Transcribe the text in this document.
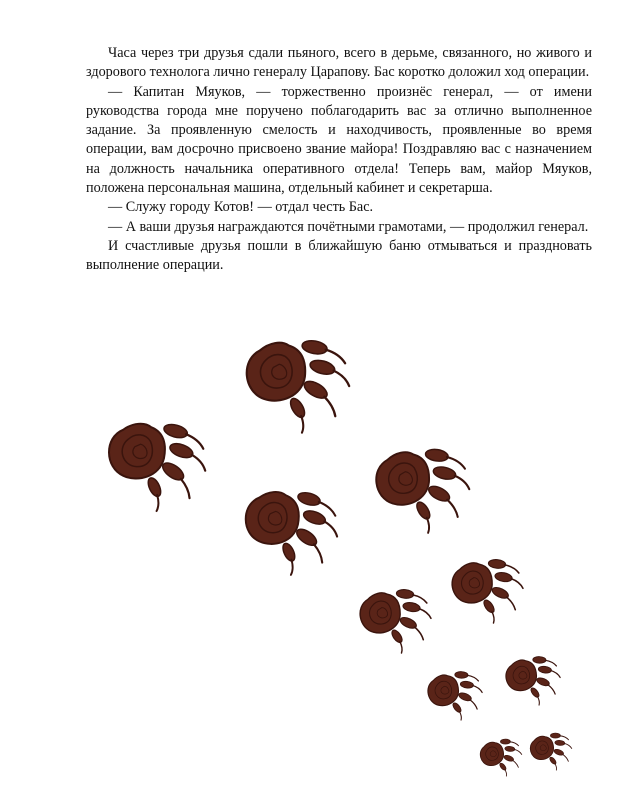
Часа через три друзья сдали пьяного, всего в дерьме, связанного, но живого и здорового технолога лично генералу Царапову. Бас коротко доложил ход операции.

— Капитан Мяуков, — торжественно произнёс генерал, — от имени руководства города мне поручено поблагодарить вас за отлично выполненное задание. За проявленную смелость и находчивость, проявленные во время операции, вам досрочно присвоено звание майора! Поздравляю вас с назначением на должность начальника оперативного отдела! Теперь вам, майор Мяуков, положена персональная машина, отдельный кабинет и секретарша.

— Служу городу Котов! — отдал честь Бас.

— А ваши друзья награждаются почётными грамотами, — продолжил генерал.

И счастливые друзья пошли в ближайшую баню отмываться и праздновать выполнение операции.
